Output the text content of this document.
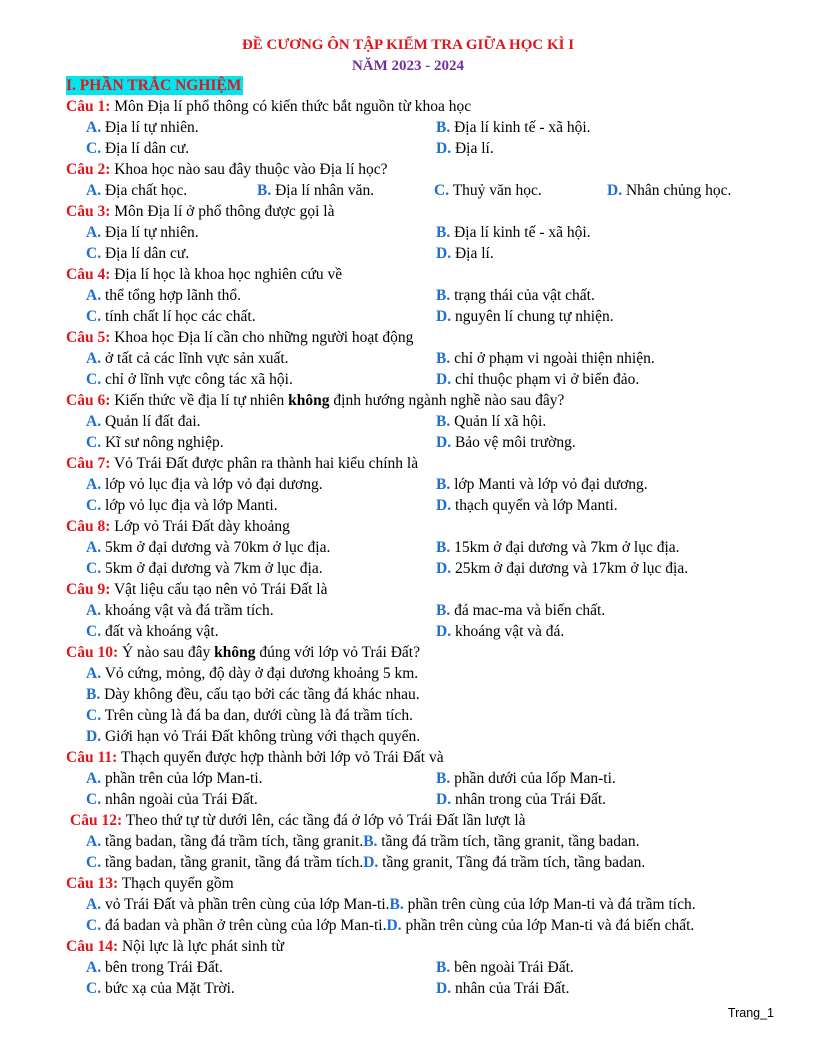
ĐỀ CƯƠNG ÔN TẬP KIỂM TRA GIỮA HỌC KÌ I
NĂM 2023 - 2024
I. PHẦN TRẮC NGHIỆM
Câu 1: Môn Địa lí phổ thông có kiến thức bắt nguồn từ khoa học
A. Địa lí tự nhiên.	B. Địa lí kinh tế - xã hội.
C. Địa lí dân cư.	D. Địa lí.
Câu 2: Khoa học nào sau đây thuộc vào Địa lí học?
A. Địa chất học.	B. Địa lí nhân văn.	C. Thuỷ văn học.	D. Nhân chủng học.
Câu 3: Môn Địa lí ở phổ thông được gọi là
A. Địa lí tự nhiên.	B. Địa lí kinh tế - xã hội.
C. Địa lí dân cư.	D. Địa lí.
Câu 4: Địa lí học là khoa học nghiên cứu về
A. thể tổng hợp lãnh thổ.	B. trạng thái của vật chất.
C. tính chất lí học các chất.	D. nguyên lí chung tự nhiện.
Câu 5: Khoa học Địa lí cần cho những người hoạt động
A. ở tất cả các lĩnh vực sản xuất.	B. chỉ ở phạm vi ngoài thiện nhiện.
C. chỉ ở lĩnh vực công tác xã hội.	D. chỉ thuộc phạm vi ở biển đảo.
Câu 6: Kiến thức về địa lí tự nhiên không định hướng ngành nghề nào sau đây?
A. Quản lí đất đai.	B. Quản lí xã hội.
C. Kĩ sư nông nghiệp.	D. Bảo vệ môi trường.
Câu 7: Vỏ Trái Đất được phân ra thành hai kiểu chính là
A. lớp vỏ lục địa và lớp vỏ đại dương.	B. lớp Manti và lớp vỏ đại dương.
C. lớp vỏ lục địa và lớp Manti.	D. thạch quyển và lớp Manti.
Câu 8: Lớp vỏ Trái Đất dày khoảng
A. 5km ở đại dương và 70km ở lục địa.	B. 15km ở đại dương và 7km ở lục địa.
C. 5km ở đại dương và 7km ở lục địa.	D. 25km ở đại dương và 17km ở lục địa.
Câu 9: Vật liệu cấu tạo nên vỏ Trái Đất là
A. khoáng vật và đá trầm tích.	B. đá mac-ma và biến chất.
C. đất và khoáng vật.	D. khoáng vật và đá.
Câu 10: Ý nào sau đây không đúng với lớp vỏ Trái Đất?
A. Vỏ cứng, mỏng, độ dày ở đại dương khoảng 5 km.
B. Dày không đều, cấu tạo bởi các tầng đá khác nhau.
C. Trên cùng là đá ba dan, dưới cùng là đá trầm tích.
D. Giới hạn vỏ Trái Đất không trùng với thạch quyển.
Câu 11: Thạch quyển được hợp thành bởi lớp vỏ Trái Đất và
A. phần trên của lớp Man-ti.	B. phần dưới của lốp Man-ti.
C. nhân ngoài của Trái Đất.	D. nhân trong của Trái Đất.
Câu 12: Theo thứ tự từ dưới lên, các tầng đá ở lớp vỏ Trái Đất lần lượt là
A. tầng badan, tầng đá trầm tích, tầng granit. B. tầng đá trầm tích, tầng granit, tầng badan.
C. tầng badan, tầng granit, tầng đá trầm tích. D. tầng granit, Tầng đá trầm tích, tầng badan.
Câu 13: Thạch quyển gồm
A. vỏ Trái Đất và phần trên cùng của lớp Man-ti. B. phần trên cùng của lớp Man-ti và đá trầm tích.
C. đá badan và phần ở trên cùng của lớp Man-ti. D. phần trên cùng của lớp Man-ti và đá biến chất.
Câu 14: Nội lực là lực phát sinh từ
A. bên trong Trái Đất.	B. bên ngoài Trái Đất.
C. bức xạ của Mặt Trời.	D. nhân của Trái Đất.
Trang_1
